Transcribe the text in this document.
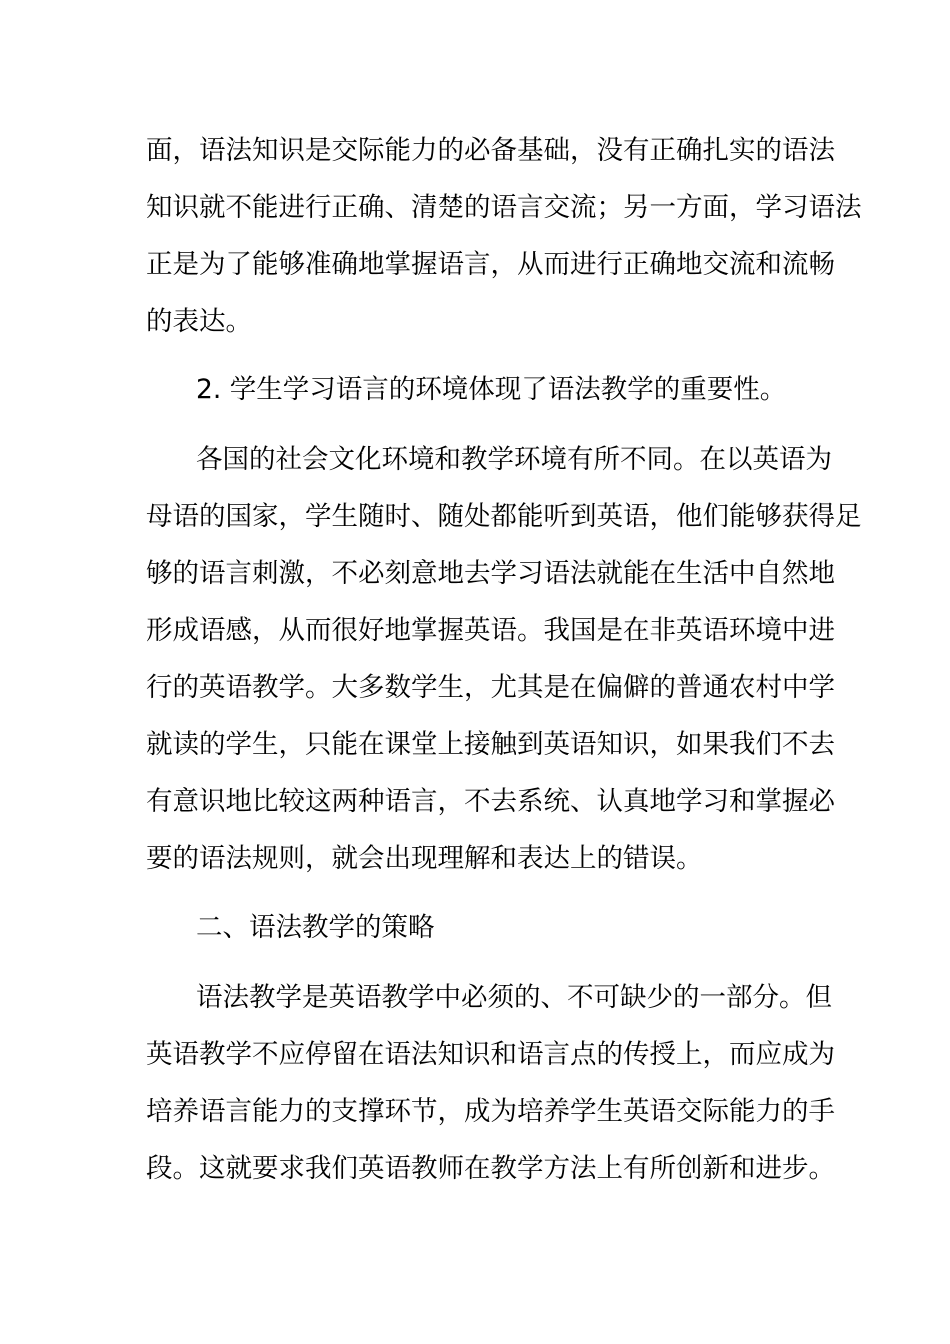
面，语法知识是交际能力的必备基础，没有正确扎实的语法
知识就不能进行正确、清楚的语言交流；另一方面，学习语法
正是为了能够准确地掌握语言，从而进行正确地交流和流畅
的表达。
2. 学生学习语言的环境体现了语法教学的重要性。
各国的社会文化环境和教学环境有所不同。在以英语为
母语的国家，学生随时、随处都能听到英语，他们能够获得足
够的语言刺激，不必刻意地去学习语法就能在生活中自然地
形成语感，从而很好地掌握英语。我国是在非英语环境中进
行的英语教学。大多数学生，尤其是在偏僻的普通农村中学
就读的学生，只能在课堂上接触到英语知识，如果我们不去
有意识地比较这两种语言，不去系统、认真地学习和掌握必
要的语法规则，就会出现理解和表达上的错误。
二、语法教学的策略
语法教学是英语教学中必须的、不可缺少的一部分。但
英语教学不应停留在语法知识和语言点的传授上，而应成为
培养语言能力的支撑环节，成为培养学生英语交际能力的手
段。这就要求我们英语教师在教学方法上有所创新和进步。
